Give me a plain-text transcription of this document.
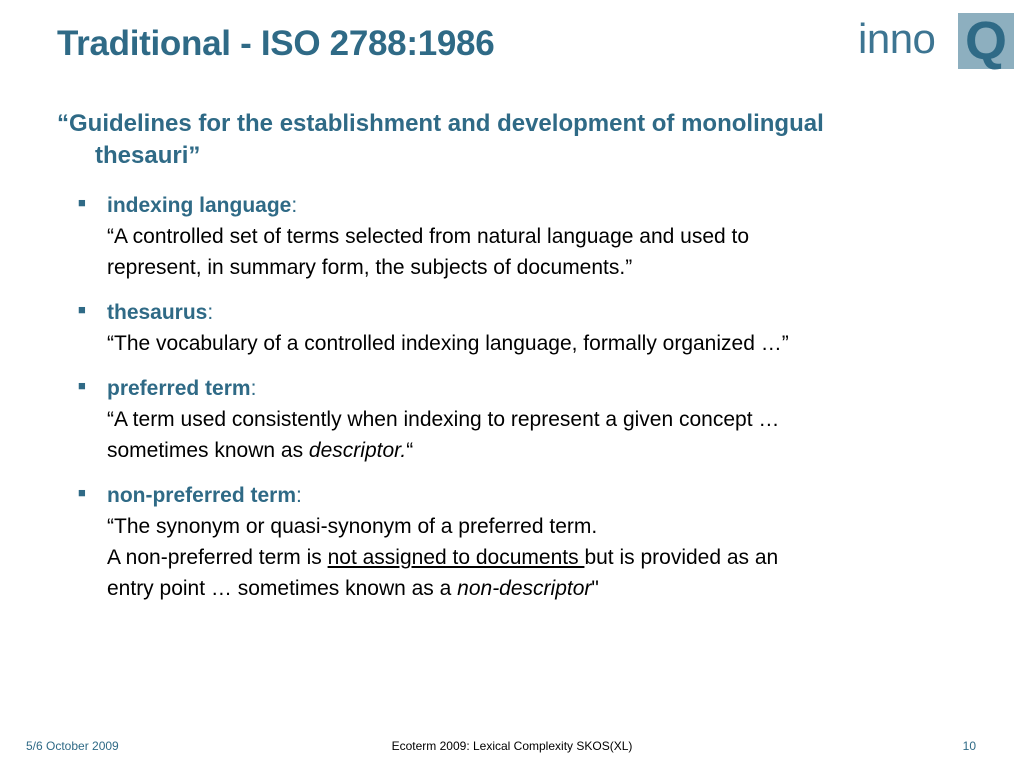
Traditional - ISO 2788:1986	inno Q
“Guidelines for the establishment and development of monolingual
thesauri”
■ indexing language:
“A controlled set of terms selected from natural language and used to
represent, in summary form, the subjects of documents.”
■ thesaurus:
“The vocabulary of a controlled indexing language, formally organized …”
■ preferred term:
“A term used consistently when indexing to represent a given concept …
sometimes known as descriptor.“
■ non-preferred term:
“The synonym or quasi-synonym of a preferred term.
A non-preferred term is not assigned to documents but is provided as an
entry point … sometimes known as a non-descriptor"
Ecoterm 2009: Lexical Complexity SKOS(XL)
5/6 October 2009	10
